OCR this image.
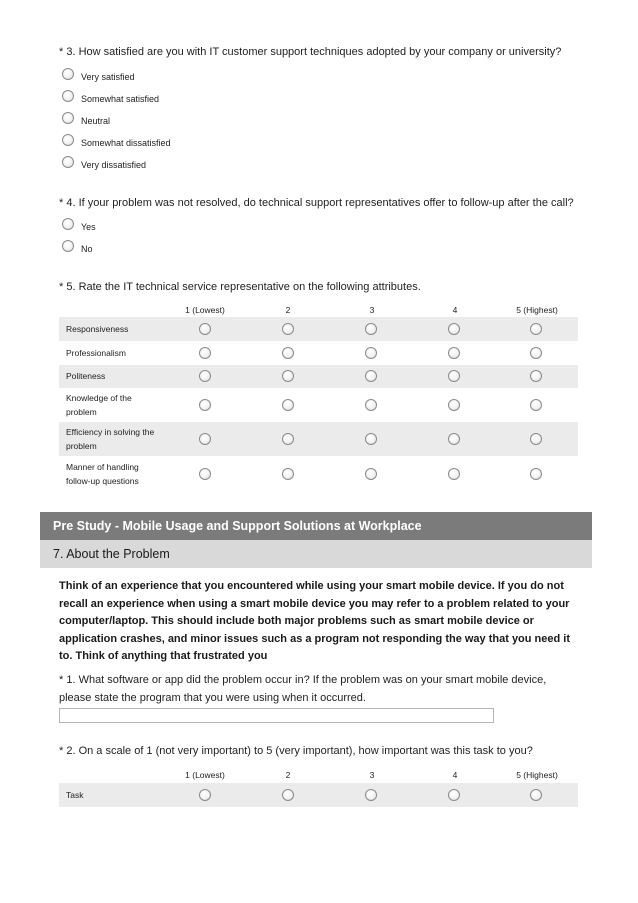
* 3. How satisfied are you with IT customer support techniques adopted by your company or university?
Very satisfied
Somewhat satisfied
Neutral
Somewhat dissatisfied
Very dissatisfied
* 4. If your problem was not resolved, do technical support representatives offer to follow-up after the call?
Yes
No
* 5. Rate the IT technical service representative on the following attributes.
1 (Lowest)	2	3	4	5 (Highest)
Responsiveness
Professionalism
Politeness
Knowledge of the problem
Efficiency in solving the problem
Manner of handling follow-up questions
Pre Study - Mobile Usage and Support Solutions at Workplace
7. About the Problem
Think of an experience that you encountered while using your smart mobile device. If you do not recall an experience when using a smart mobile device you may refer to a problem related to your computer/laptop. This should include both major problems such as smart mobile device or application crashes, and minor issues such as a program not responding the way that you need it to. Think of anything that frustrated you
* 1. What software or app did the problem occur in? If the problem was on your smart mobile device, please state the program that you were using when it occurred.
* 2. On a scale of 1 (not very important) to 5 (very important), how important was this task to you?
1 (Lowest)	2	3	4	5 (Highest)
Task
